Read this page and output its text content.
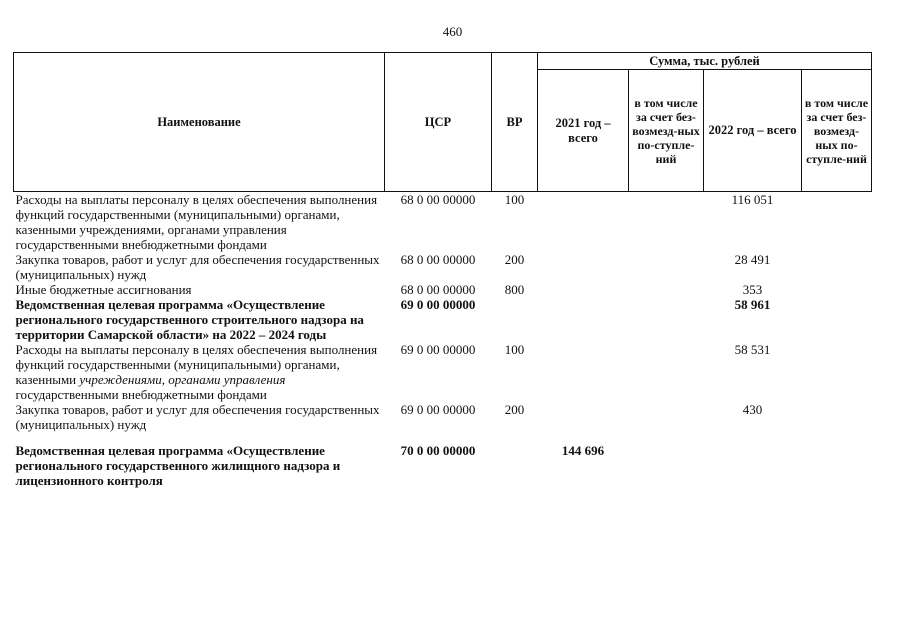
460
Наименование	ЦСР	ВР	Сумма, тыс. рублей			
			2021 год – всего	в том числе за счет без-возмезд-ных по-ступле-ний	2022 год – всего	в том числе за счет без-возмезд-ных по-ступле-ний
Расходы на выплаты персоналу в целях обеспечения выполнения функций государственными (муниципальными) органами, казенными учреждениями, органами управления государственными внебюджетными фондами	68 0 00 00000	100			116 051	
Закупка товаров, работ и услуг для обеспечения государственных (муниципальных) нужд	68 0 00 00000	200			28 491	
Иные бюджетные ассигнования	68 0 00 00000	800			353	
Ведомственная целевая программа «Осуществление регионального государственного строительного надзора на территории Самарской области» на 2022 – 2024 годы	69 0 00 00000				58 961	
Расходы на выплаты персоналу в целях обеспечения выполнения функций государственными (муниципальными) органами, казенными учреждениями, органами управления государственными внебюджетными фондами	69 0 00 00000	100			58 531	
Закупка товаров, работ и услуг для обеспечения государственных (муниципальных) нужд	69 0 00 00000	200			430	
Ведомственная целевая программа «Осуществление регионального государственного жилищного надзора и лицензионного контроля	70 0 00 00000		144 696			
